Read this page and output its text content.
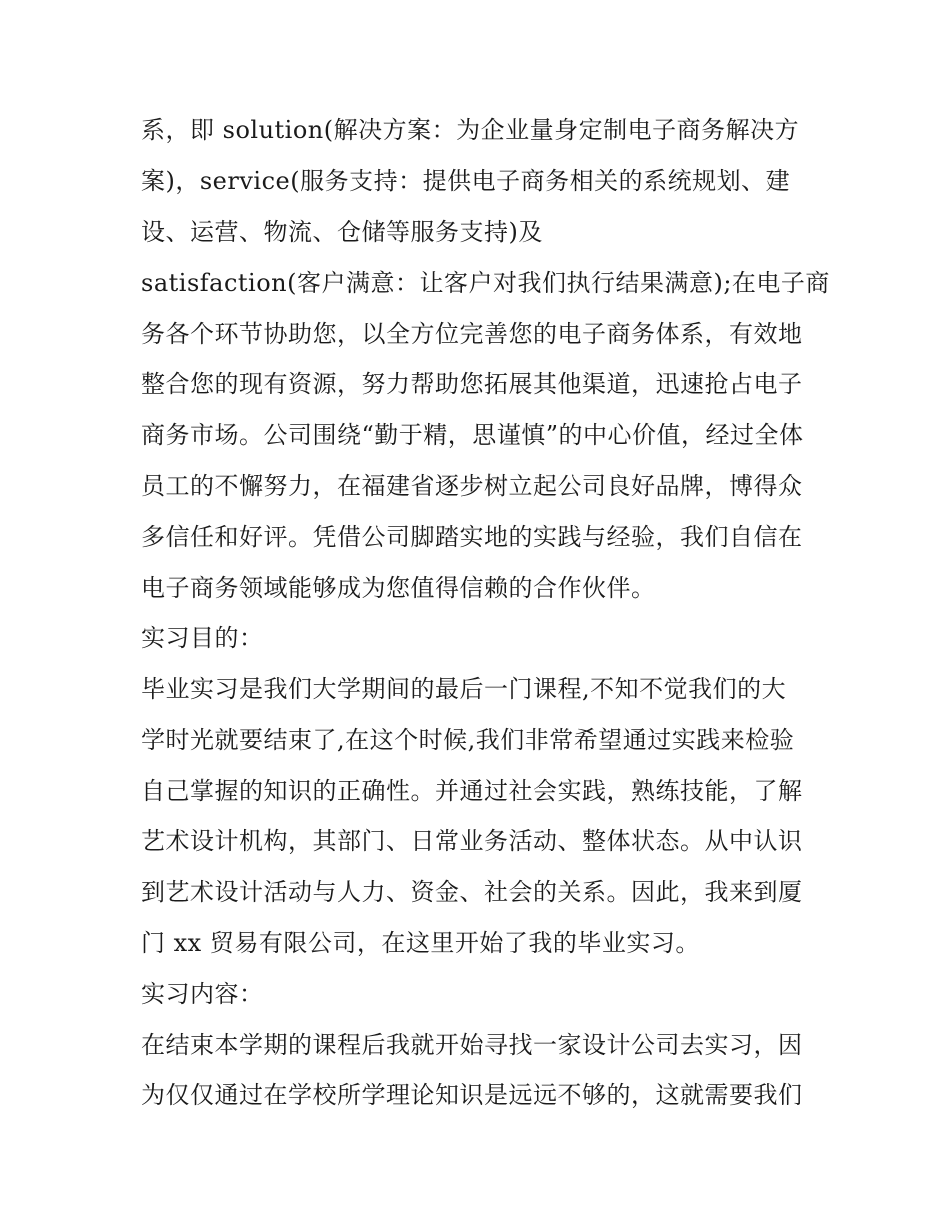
系，即 solution(解决方案：为企业量身定制电子商务解决方
案)，service(服务支持：提供电子商务相关的系统规划、建
设、运营、物流、仓储等服务支持)及
satisfaction(客户满意：让客户对我们执行结果满意);在电子商
务各个环节协助您，以全方位完善您的电子商务体系，有效地
整合您的现有资源，努力帮助您拓展其他渠道，迅速抢占电子
商务市场。公司围绕“勤于精，思谨慎”的中心价值，经过全体
员工的不懈努力，在福建省逐步树立起公司良好品牌，博得众
多信任和好评。凭借公司脚踏实地的实践与经验，我们自信在
电子商务领域能够成为您值得信赖的合作伙伴。
实习目的：
毕业实习是我们大学期间的最后一门课程,不知不觉我们的大
学时光就要结束了,在这个时候,我们非常希望通过实践来检验
自己掌握的知识的正确性。并通过社会实践，熟练技能，了解
艺术设计机构，其部门、日常业务活动、整体状态。从中认识
到艺术设计活动与人力、资金、社会的关系。因此，我来到厦
门 xx 贸易有限公司，在这里开始了我的毕业实习。
实习内容：
在结束本学期的课程后我就开始寻找一家设计公司去实习，因
为仅仅通过在学校所学理论知识是远远不够的，这就需要我们
